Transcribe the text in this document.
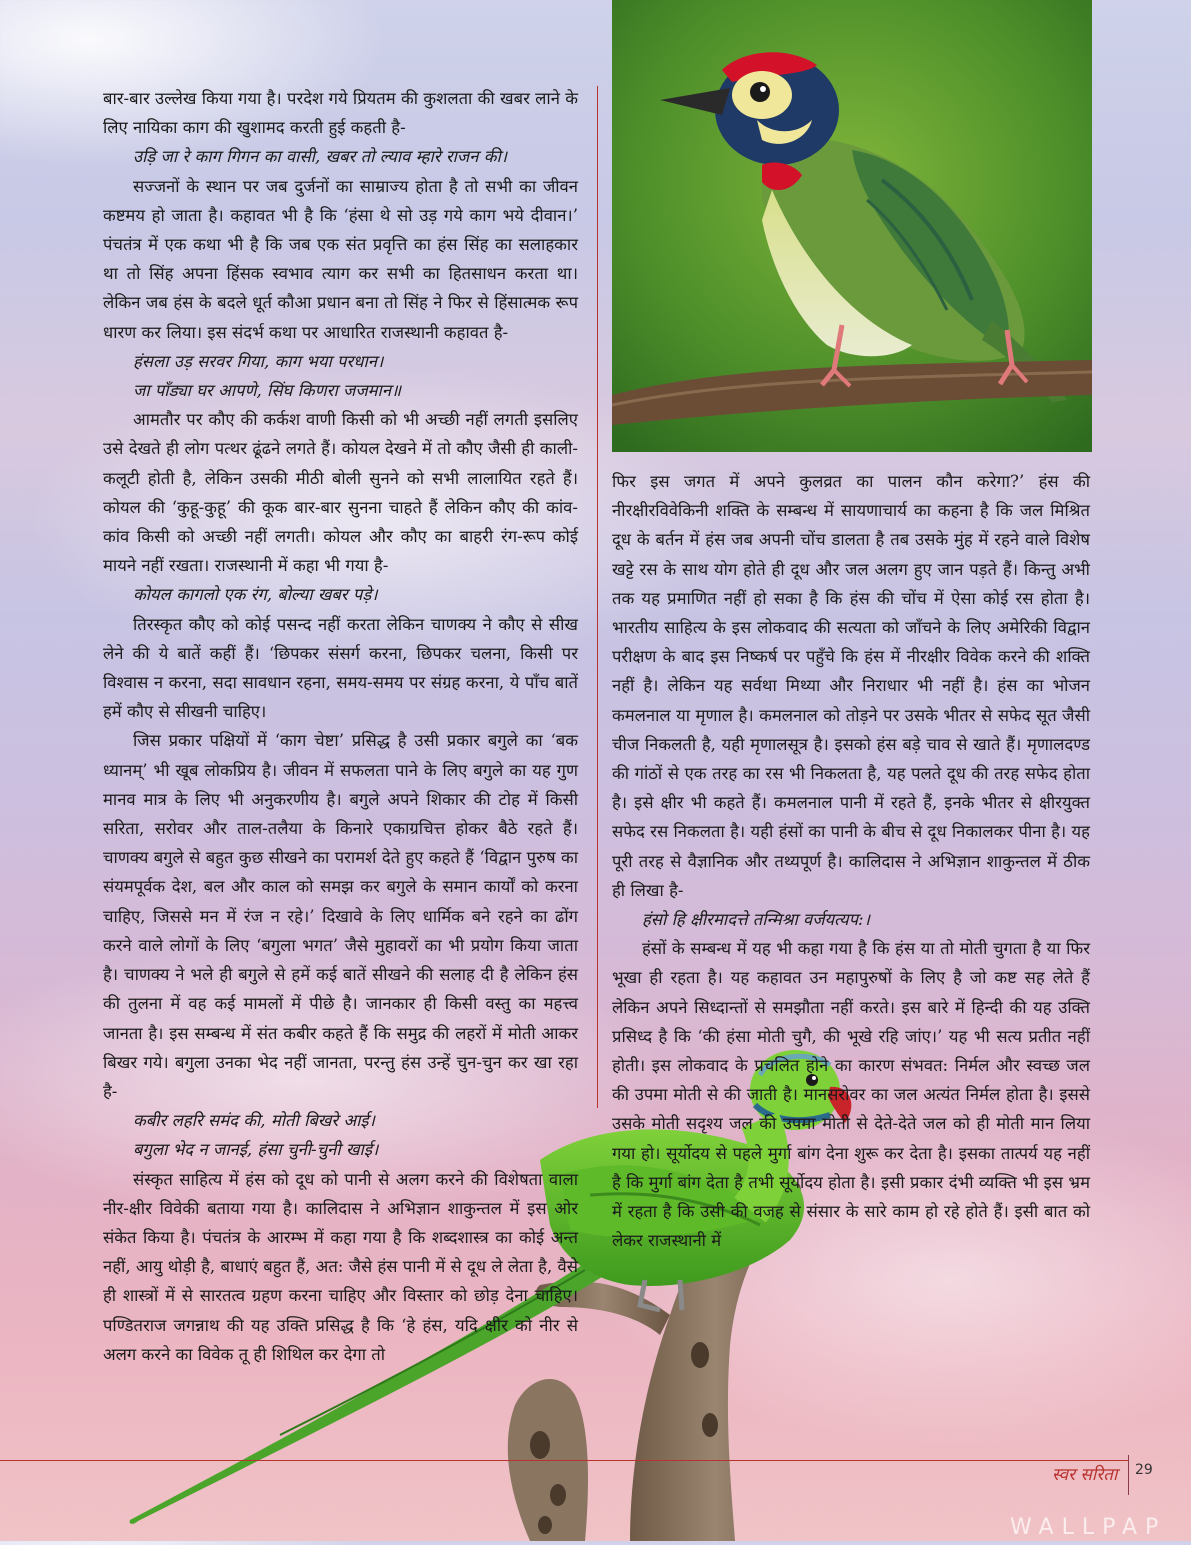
बार-बार उल्लेख किया गया है। परदेश गये प्रियतम की कुशलता की खबर लाने के लिए नायिका काग की खुशामद करती हुई कहती है-

उड़ि जा रे काग गिगन का वासी, खबर तो ल्याव म्हारे राजन की।

सज्जनों के स्थान पर जब दुर्जनों का साम्राज्य होता है तो सभी का जीवन कष्टमय हो जाता है। कहावत भी है कि ‘हंसा थे सो उड़ गये काग भये दीवान।’ पंचतंत्र में एक कथा भी है कि जब एक संत प्रवृत्ति का हंस सिंह का सलाहकार था तो सिंह अपना हिंसक स्वभाव त्याग कर सभी का हितसाधन करता था। लेकिन जब हंस के बदले धूर्त कौआ प्रधान बना तो सिंह ने फिर से हिंसात्मक रूप धारण कर लिया। इस संदर्भ कथा पर आधारित राजस्थानी कहावत है-

हंसला उड़ सरवर गिया, काग भया परधान।

जा पाँड्या घर आपणे, सिंघ किणरा जजमान॥

आमतौर पर कौए की कर्कश वाणी किसी को भी अच्छी नहीं लगती इसलिए उसे देखते ही लोग पत्थर ढूंढने लगते हैं। कोयल देखने में तो कौए जैसी ही काली-कलूटी होती है, लेकिन उसकी मीठी बोली सुनने को सभी लालायित रहते हैं। कोयल की ‘कुहू-कुहू’ की कूक बार-बार सुनना चाहते हैं लेकिन कौए की कांव-कांव किसी को अच्छी नहीं लगती। कोयल और कौए का बाहरी रंग-रूप कोई मायने नहीं रखता। राजस्थानी में कहा भी गया है-

कोयल कागलो एक रंग, बोल्या खबर पड़े।

तिरस्कृत कौए को कोई पसन्द नहीं करता लेकिन चाणक्य ने कौए से सीख लेने की ये बातें कहीं हैं। ‘छिपकर संसर्ग करना, छिपकर चलना, किसी पर विश्वास न करना, सदा सावधान रहना, समय-समय पर संग्रह करना, ये पाँच बातें हमें कौए से सीखनी चाहिए।

जिस प्रकार पक्षियों में ‘काग चेष्टा’ प्रसिद्ध है उसी प्रकार बगुले का ‘बक ध्यानम्’ भी खूब लोकप्रिय है। जीवन में सफलता पाने के लिए बगुले का यह गुण मानव मात्र के लिए भी अनुकरणीय है। बगुले अपने शिकार की टोह में किसी सरिता, सरोवर और ताल-तलैया के किनारे एकाग्रचित्त होकर बैठे रहते हैं। चाणक्य बगुले से बहुत कुछ सीखने का परामर्श देते हुए कहते हैं ‘विद्वान पुरुष का संयमपूर्वक देश, बल और काल को समझ कर बगुले के समान कार्यों को करना चाहिए, जिससे मन में रंज न रहे।’ दिखावे के लिए धार्मिक बने रहने का ढोंग करने वाले लोगों के लिए ‘बगुला भगत’ जैसे मुहावरों का भी प्रयोग किया जाता है। चाणक्य ने भले ही बगुले से हमें कई बातें सीखने की सलाह दी है लेकिन हंस की तुलना में वह कई मामलों में पीछे है। जानकार ही किसी वस्तु का महत्त्व जानता है। इस सम्बन्ध में संत कबीर कहते हैं कि समुद्र की लहरों में मोती आकर बिखर गये। बगुला उनका भेद नहीं जानता, परन्तु हंस उन्हें चुन-चुन कर खा रहा है-

कबीर लहरि समंद की, मोती बिखरे आई।

बगुला भेद न जानई, हंसा चुनी-चुनी खाई।

संस्कृत साहित्य में हंस को दूध को पानी से अलग करने की विशेषता वाला नीर-क्षीर विवेकी बताया गया है। कालिदास ने अभिज्ञान शाकुन्तल में इस ओर संकेत किया है। पंचतंत्र के आरम्भ में कहा गया है कि शब्दशास्त्र का कोई अन्त नहीं, आयु थोड़ी है, बाधाएं बहुत हैं, अत: जैसे हंस पानी में से दूध ले लेता है, वैसे ही शास्त्रों में से सारतत्व ग्रहण करना चाहिए और विस्तार को छोड़ देना चाहिए। पण्डितराज जगन्नाथ की यह उक्ति प्रसिद्ध है कि ‘हे हंस, यदि क्षीर को नीर से अलग करने का विवेक तू ही शिथिल कर देगा तो

फिर इस जगत में अपने कुलव्रत का पालन कौन करेगा?’ हंस की नीरक्षीरविवेकिनी शक्ति के सम्बन्ध में सायणाचार्य का कहना है कि जल मिश्रित दूध के बर्तन में हंस जब अपनी चोंच डालता है तब उसके मुंह में रहने वाले विशेष खट्टे रस के साथ योग होते ही दूध और जल अलग हुए जान पड़ते हैं। किन्तु अभी तक यह प्रमाणित नहीं हो सका है कि हंस की चोंच में ऐसा कोई रस होता है। भारतीय साहित्य के इस लोकवाद की सत्यता को जाँचने के लिए अमेरिकी विद्वान परीक्षण के बाद इस निष्कर्ष पर पहुँचे कि हंस में नीरक्षीर विवेक करने की शक्ति नहीं है। लेकिन यह सर्वथा मिथ्या और निराधार भी नहीं है। हंस का भोजन कमलनाल या मृणाल है। कमलनाल को तोड़ने पर उसके भीतर से सफेद सूत जैसी चीज निकलती है, यही मृणालसूत्र है। इसको हंस बड़े चाव से खाते हैं। मृणालदण्ड की गांठों से एक तरह का रस भी निकलता है, यह पलते दूध की तरह सफेद होता है। इसे क्षीर भी कहते हैं। कमलनाल पानी में रहते हैं, इनके भीतर से क्षीरयुक्त सफेद रस निकलता है। यही हंसों का पानी के बीच से दूध निकालकर पीना है। यह पूरी तरह से वैज्ञानिक और तथ्यपूर्ण है। कालिदास ने अभिज्ञान शाकुन्तल में ठीक ही लिखा है-

हंसो हि क्षीरमादत्ते तन्मिश्रा वर्जयत्यप:।

हंसों के सम्बन्ध में यह भी कहा गया है कि हंस या तो मोती चुगता है या फिर भूखा ही रहता है। यह कहावत उन महापुरुषों के लिए है जो कष्ट सह लेते हैं लेकिन अपने सिध्दान्तों से समझौता नहीं करते। इस बारे में हिन्दी की यह उक्ति प्रसिध्द है कि ‘की हंसा मोती चुगै, की भूखे रहि जांए।’ यह भी सत्य प्रतीत नहीं होती। इस लोकवाद के प्रचलित होने का कारण संभवत: निर्मल और स्वच्छ जल की उपमा मोती से की जाती है। मानसरोवर का जल अत्यंत निर्मल होता है। इससे उसके मोती सदृश्य जल की उपमा मोती से देते-देते जल को ही मोती मान लिया गया हो। सूर्योदय से पहले मुर्गा बांग देना शुरू कर देता है। इसका तात्पर्य यह नहीं है कि मुर्गा बांग देता है तभी सूर्योदय होता है। इसी प्रकार दंभी व्यक्ति भी इस भ्रम में रहता है कि उसी की वजह से संसार के सारे काम हो रहे होते हैं। इसी बात को लेकर राजस्थानी में

स्वर सरिता 29
WALLPAP
